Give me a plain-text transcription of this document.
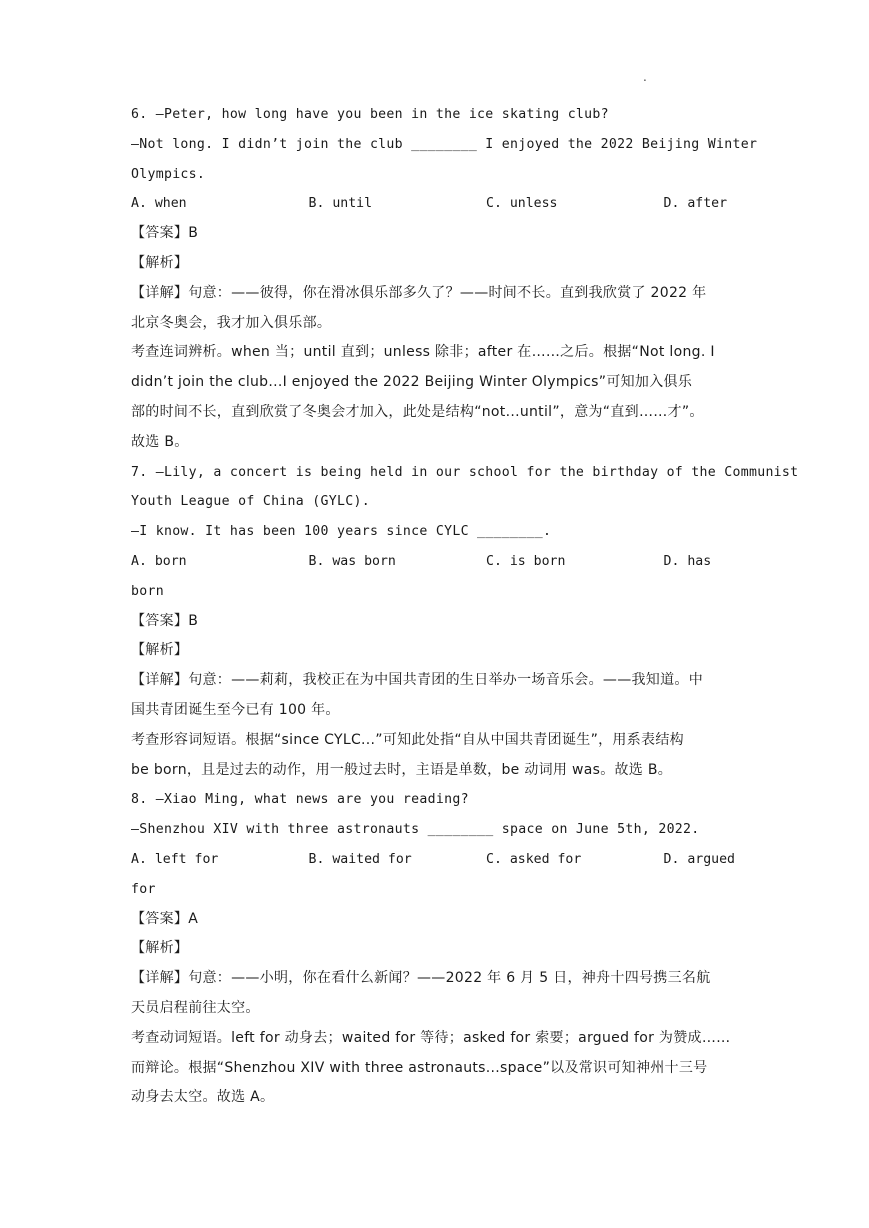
.
6. —Peter, how long have you been in the ice skating club?
—Not long. I didn’t join the club ________ I enjoyed the 2022 Beijing Winter
Olympics.
A. when	B. until	C. unless	D. after
【答案】B
【解析】
【详解】句意：——彼得，你在滑冰俱乐部多久了？——时间不长。直到我欣赏了 2022 年
北京冬奥会，我才加入俱乐部。
考查连词辨析。when 当；until 直到；unless 除非；after 在……之后。根据“Not long. I
didn’t join the club...I enjoyed the 2022 Beijing Winter Olympics”可知加入俱乐
部的时间不长，直到欣赏了冬奥会才加入，此处是结构“not...until”，意为“直到……才”。
故选 B。
7. —Lily, a concert is being held in our school for the birthday of the Communist
Youth League of China (GYLC).
—I know. It has been 100 years since CYLC ________.
A. born	B. was born	C. is born	D. has
born
【答案】B
【解析】
【详解】句意：——莉莉，我校正在为中国共青团的生日举办一场音乐会。——我知道。中
国共青团诞生至今已有 100 年。
考查形容词短语。根据“since CYLC...”可知此处指“自从中国共青团诞生”，用系表结构
be born，且是过去的动作，用一般过去时，主语是单数，be 动词用 was。故选 B。
8. —Xiao Ming, what news are you reading?
—Shenzhou XIV with three astronauts ________ space on June 5th, 2022.
A. left for	B. waited for	C. asked for	D. argued
for
【答案】A
【解析】
【详解】句意：——小明，你在看什么新闻？——2022 年 6 月 5 日，神舟十四号携三名航
天员启程前往太空。
考查动词短语。left for 动身去；waited for 等待；asked for 索要；argued for 为赞成……
而辩论。根据“Shenzhou XIV with three astronauts...space”以及常识可知神州十三号
动身去太空。故选 A。
